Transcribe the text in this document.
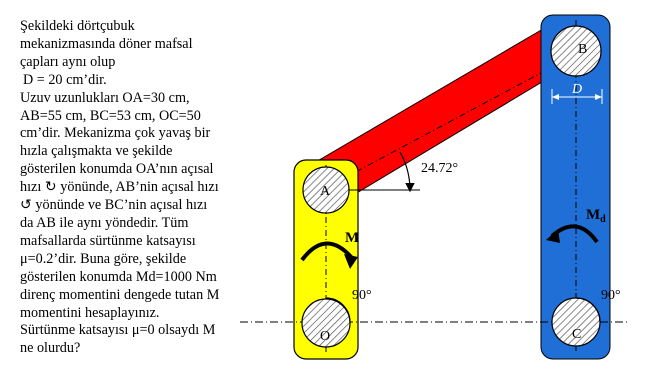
Şekildeki dörtçubuk
mekanizmasında döner mafsal
çapları aynı olup
D = 20 cm’dir.
Uzuv uzunlukları OA=30 cm,
AB=55 cm, BC=53 cm, OC=50
cm’dir. Mekanizma çok yavaş bir
hızla çalışmakta ve şekilde
gösterilen konumda OA’nın açısal
hızı ↻ yönünde, AB’nin açısal hızı
↺ yönünde ve BC’nin açısal hızı
da AB ile aynı yöndedir. Tüm
mafsallarda sürtünme katsayısı
μ=0.2’dir. Buna göre, şekilde
gösterilen konumda Md=1000 Nm
direnç momentini dengede tutan M
momentini hesaplayınız.
Sürtünme katsayısı μ=0 olsaydı M
ne olurdu?
24.72°
A
O
B
C
D
M
$M_d$
90°	90°
